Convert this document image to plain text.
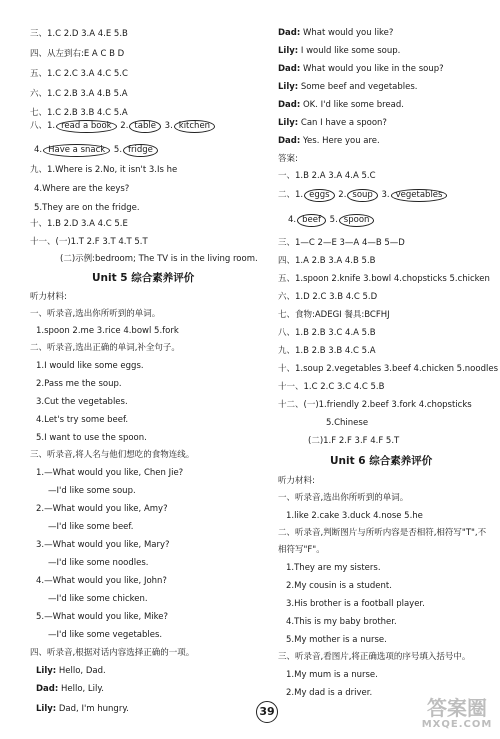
三、1.C 2.D 3.A 4.E 5.B
四、从左到右:E A C B D
五、1.C 2.C 3.A 4.C 5.C
六、1.C 2.B 3.A 4.B 5.A
七、1.C 2.B 3.B 4.C 5.A
八、1. read a book 2. table 3. kitchen
4. Have a snack 5. fridge
九、1.Where is 2.No, it isn't 3.Is he
4.Where are the keys?
5.They are on the fridge.
十、1.B 2.D 3.A 4.C 5.E
十一、(一)1.T 2.F 3.T 4.T 5.T
(二)示例:bedroom; The TV is in the living room.
Unit 5 综合素养评价
听力材料:
一、听录音,选出你所听到的单词。
1.spoon 2.me 3.rice 4.bowl 5.fork
二、听录音,选出正确的单词,补全句子。
1.I would like some eggs.
2.Pass me the soup.
3.Cut the vegetables.
4.Let's try some beef.
5.I want to use the spoon.
三、听录音,将人名与他们想吃的食物连线。
1.—What would you like, Chen Jie?
—I'd like some soup.
2.—What would you like, Amy?
—I'd like some beef.
3.—What would you like, Mary?
—I'd like some noodles.
4.—What would you like, John?
—I'd like some chicken.
5.—What would you like, Mike?
—I'd like some vegetables.
四、听录音,根据对话内容选择正确的一项。
Lily: Hello, Dad.
Dad: Hello, Lily.
Lily: Dad, I'm hungry.
Dad: What would you like?
Lily: I would like some soup.
Dad: What would you like in the soup?
Lily: Some beef and vegetables.
Dad: OK. I'd like some bread.
Lily: Can I have a spoon?
Dad: Yes. Here you are.
答案:
一、1.B 2.A 3.A 4.A 5.C
二、1. eggs 2. soup 3. vegetables
4. beef 5. spoon
三、1—C 2—E 3—A 4—B 5—D
四、1.A 2.B 3.A 4.B 5.B
五、1.spoon 2.knife 3.bowl 4.chopsticks 5.chicken
六、1.D 2.C 3.B 4.C 5.D
七、食物:ADEGI 餐具:BCFHJ
八、1.B 2.B 3.C 4.A 5.B
九、1.B 2.B 3.B 4.C 5.A
十、1.soup 2.vegetables 3.beef 4.chicken 5.noodles
十一、1.C 2.C 3.C 4.C 5.B
十二、(一)1.friendly 2.beef 3.fork 4.chopsticks
5.Chinese
(二)1.F 2.F 3.F 4.F 5.T
Unit 6 综合素养评价
听力材料:
一、听录音,选出你所听到的单词。
1.like 2.cake 3.duck 4.nose 5.he
二、听录音,判断图片与所听内容是否相符,相符写"T",不
相符写"F"。
1.They are my sisters.
2.My cousin is a student.
3.His brother is a football player.
4.This is my baby brother.
5.My mother is a nurse.
三、听录音,看图片,将正确选项的序号填入括号中。
1.My mum is a nurse.
2.My dad is a driver.
39	答案圈
MXQE.COM
